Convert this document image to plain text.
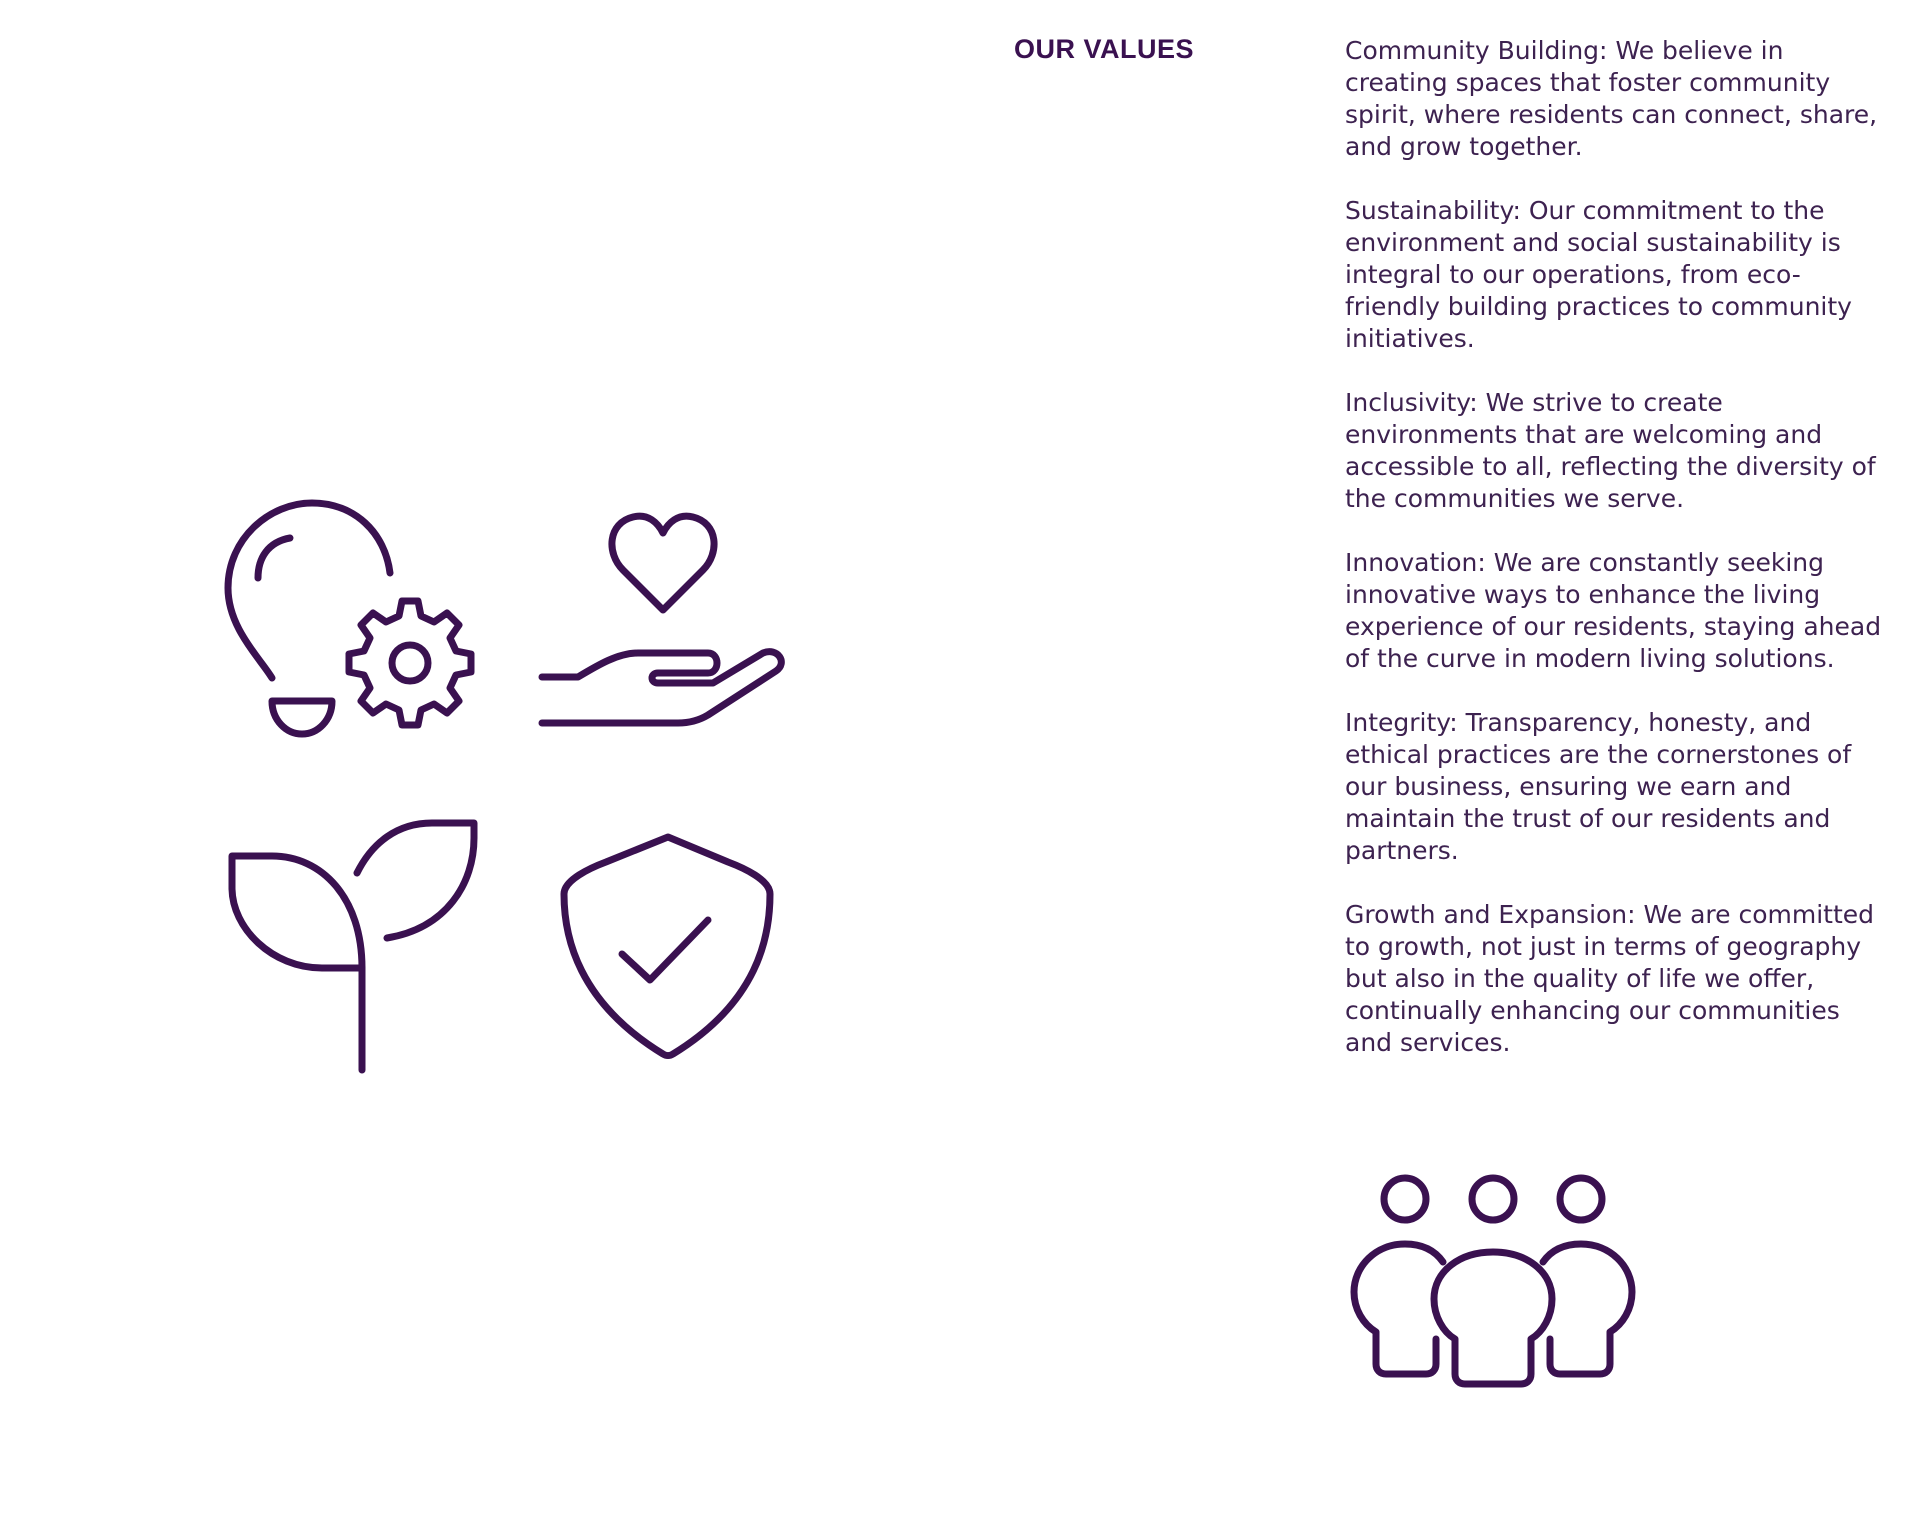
OUR VALUES	Community Building: We believe in creating spaces that foster community spirit, where residents can connect, share, and grow together.
Sustainability: Our commitment to the environment and social sustainability is integral to our operations, from eco-friendly building practices to community initiatives.
Inclusivity: We strive to create environments that are welcoming and accessible to all, reflecting the diversity of the communities we serve.
Innovation: We are constantly seeking innovative ways to enhance the living experience of our residents, staying ahead of the curve in modern living solutions.
Integrity: Transparency, honesty, and ethical practices are the cornerstones of our business, ensuring we earn and maintain the trust of our residents and partners.
Growth and Expansion: We are committed to growth, not just in terms of geography but also in the quality of life we offer, continually enhancing our communities and services.
